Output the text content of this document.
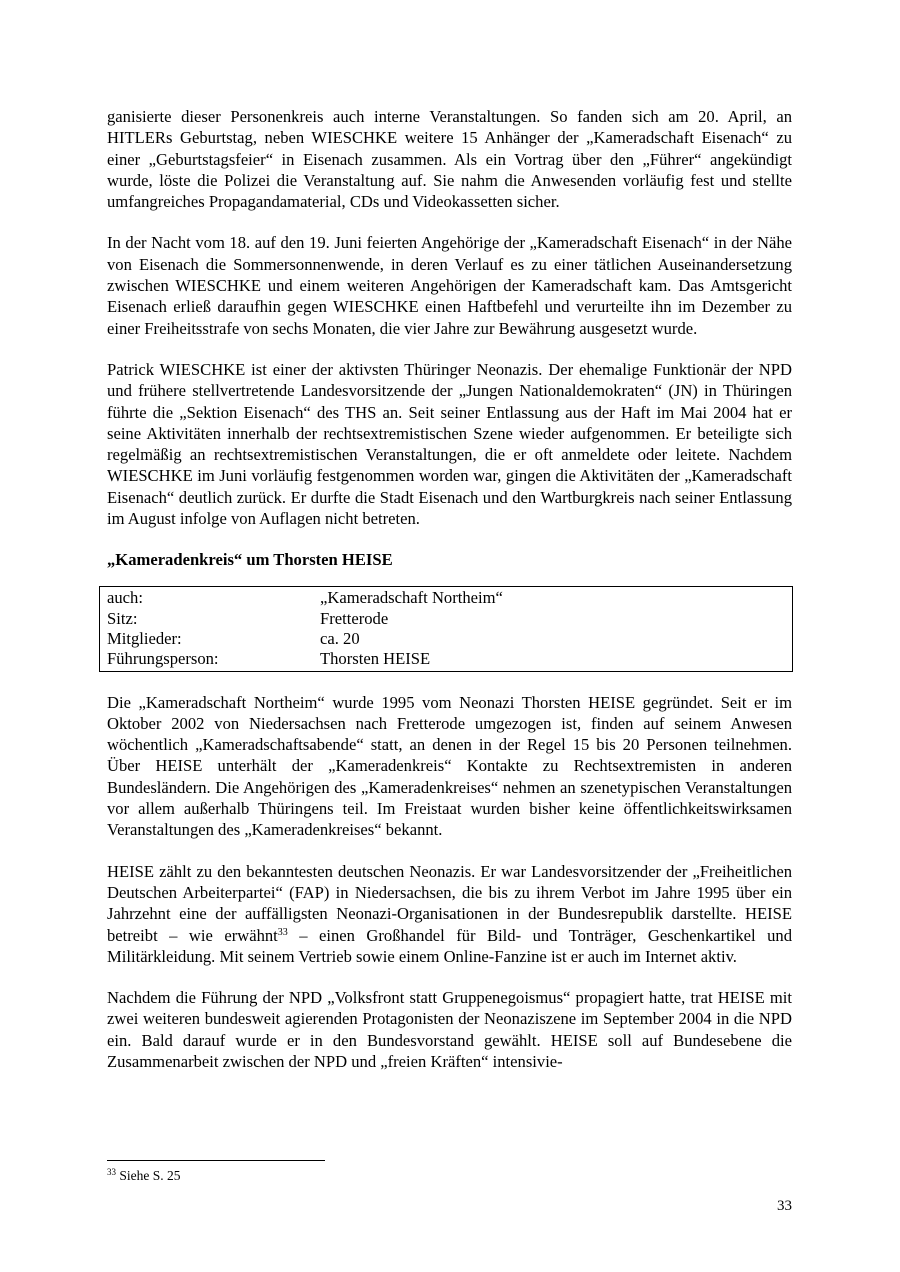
ganisierte dieser Personenkreis auch interne Veranstaltungen. So fanden sich am 20. April, an HITLERs Geburtstag, neben WIESCHKE weitere 15 Anhänger der „Kameradschaft Eisenach“ zu einer „Geburtstagsfeier“ in Eisenach zusammen. Als ein Vortrag über den „Führer“ angekündigt wurde, löste die Polizei die Veranstaltung auf. Sie nahm die Anwesenden vorläufig fest und stellte umfangreiches Propagandamaterial, CDs und Videokassetten sicher.

In der Nacht vom 18. auf den 19. Juni feierten Angehörige der „Kameradschaft Eisenach“ in der Nähe von Eisenach die Sommersonnenwende, in deren Verlauf es zu einer tätlichen Auseinandersetzung zwischen WIESCHKE und einem weiteren Angehörigen der Kameradschaft kam. Das Amtsgericht Eisenach erließ daraufhin gegen WIESCHKE einen Haftbefehl und verurteilte ihn im Dezember zu einer Freiheitsstrafe von sechs Monaten, die vier Jahre zur Bewährung ausgesetzt wurde.

Patrick WIESCHKE ist einer der aktivsten Thüringer Neonazis. Der ehemalige Funktionär der NPD und frühere stellvertretende Landesvorsitzende der „Jungen Nationaldemokraten“ (JN) in Thüringen führte die „Sektion Eisenach“ des THS an. Seit seiner Entlassung aus der Haft im Mai 2004 hat er seine Aktivitäten innerhalb der rechtsextremistischen Szene wieder aufgenommen. Er beteiligte sich regelmäßig an rechtsextremistischen Veranstaltungen, die er oft anmeldete oder leitete. Nachdem WIESCHKE im Juni vorläufig festgenommen worden war, gingen die Aktivitäten der „Kameradschaft Eisenach“ deutlich zurück. Er durfte die Stadt Eisenach und den Wartburgkreis nach seiner Entlassung im August infolge von Auflagen nicht betreten.

„Kameradenkreis“ um Thorsten HEISE
auch:	„Kameradschaft Northeim“
Sitz:	Fretterode
Mitglieder:	ca. 20
Führungsperson:	Thorsten HEISE

Die „Kameradschaft Northeim“ wurde 1995 vom Neonazi Thorsten HEISE gegründet. Seit er im Oktober 2002 von Niedersachsen nach Fretterode umgezogen ist, finden auf seinem Anwesen wöchentlich „Kameradschaftsabende“ statt, an denen in der Regel 15 bis 20 Personen teilnehmen. Über HEISE unterhält der „Kameradenkreis“ Kontakte zu Rechtsextremisten in anderen Bundesländern. Die Angehörigen des „Kameradenkreises“ nehmen an szenetypischen Veranstaltungen vor allem außerhalb Thüringens teil. Im Freistaat wurden bisher keine öffentlichkeitswirksamen Veranstaltungen des „Kameradenkreises“ bekannt.

HEISE zählt zu den bekanntesten deutschen Neonazis. Er war Landesvorsitzender der „Freiheitlichen Deutschen Arbeiterpartei“ (FAP) in Niedersachsen, die bis zu ihrem Verbot im Jahre 1995 über ein Jahrzehnt eine der auffälligsten Neonazi-Organisationen in der Bundesrepublik darstellte. HEISE betreibt – wie erwähnt$^{33}$ – einen Großhandel für Bild- und Tonträger, Geschenkartikel und Militärkleidung. Mit seinem Vertrieb sowie einem Online-Fanzine ist er auch im Internet aktiv.

Nachdem die Führung der NPD „Volksfront statt Gruppenegoismus“ propagiert hatte, trat HEISE mit zwei weiteren bundesweit agierenden Protagonisten der Neonaziszene im September 2004 in die NPD ein. Bald darauf wurde er in den Bundesvorstand gewählt. HEISE soll auf Bundesebene die Zusammenarbeit zwischen der NPD und „freien Kräften“ intensivie-

$^{33}$ Siehe S. 25
33
